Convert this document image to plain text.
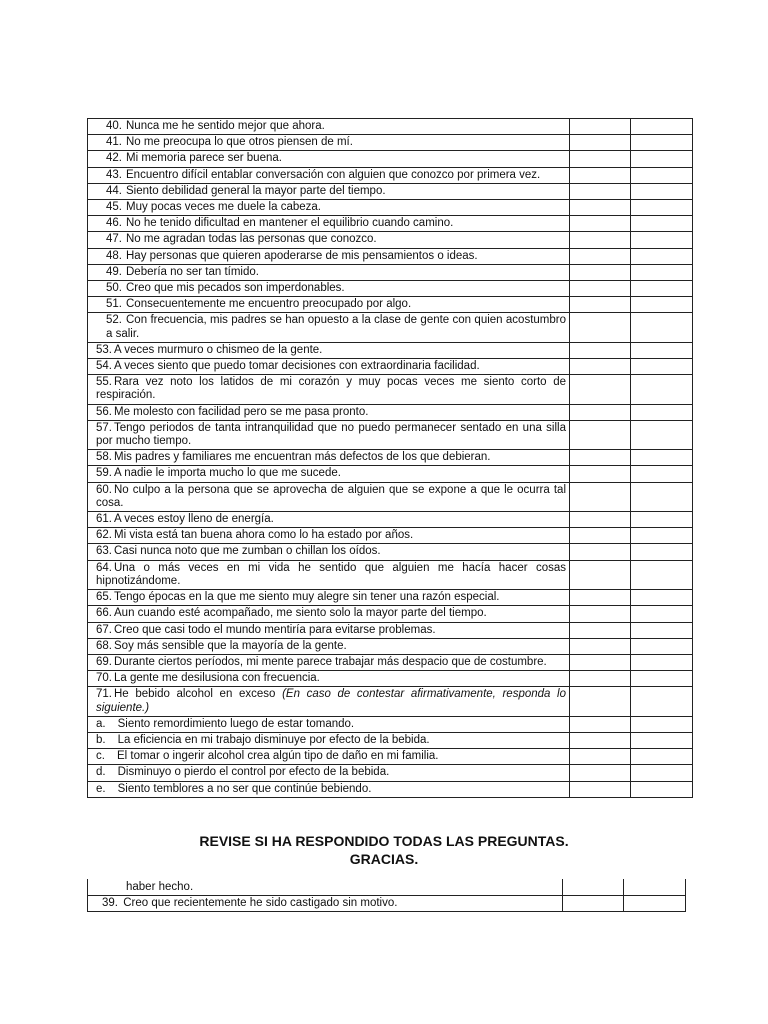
40. Nunca me he sentido mejor que ahora.		
41. No me preocupa lo que otros piensen de mí.		
42. Mi memoria parece ser buena.		
43. Encuentro difícil entablar conversación con alguien que conozco por primera vez.		
44. Siento debilidad general la mayor parte del tiempo.		
45. Muy pocas veces me duele la cabeza.		
46. No he tenido dificultad en mantener el equilibrio cuando camino.		
47. No me agradan todas las personas que conozco.		
48. Hay personas que quieren apoderarse de mis pensamientos o ideas.		
49. Debería no ser tan tímido.		
50. Creo que mis pecados son imperdonables.		
51. Consecuentemente me encuentro preocupado por algo.		
52. Con frecuencia, mis padres se han opuesto a la clase de gente con quien acostumbro a salir.		
53. A veces murmuro o chismeo de la gente.		
54. A veces siento que puedo tomar decisiones con extraordinaria facilidad.		
55. Rara vez noto los latidos de mi corazón y muy pocas veces me siento corto de respiración.		
56. Me molesto con facilidad pero se me pasa pronto.		
57. Tengo periodos de tanta intranquilidad que no puedo permanecer sentado en una silla por mucho tiempo.		
58. Mis padres y familiares me encuentran más defectos de los que debieran.		
59. A nadie le importa mucho lo que me sucede.		
60. No culpo a la persona que se aprovecha de alguien que se expone a que le ocurra tal cosa.		
61. A veces estoy lleno de energía.		
62. Mi vista está tan buena ahora como lo ha estado por años.		
63. Casi nunca noto que me zumban o chillan los oídos.		
64. Una o más veces en mi vida he sentido que alguien me hacía hacer cosas hipnotizándome.		
65. Tengo épocas en la que me siento muy alegre sin tener una razón especial.		
66. Aun cuando esté acompañado, me siento solo la mayor parte del tiempo.		
67. Creo que casi todo el mundo mentiría para evitarse problemas.		
68. Soy más sensible que la mayoría de la gente.		
69. Durante ciertos períodos, mi mente parece trabajar más despacio que de costumbre.		
70. La gente me desilusiona con frecuencia.		
71. He bebido alcohol en exceso (En caso de contestar afirmativamente, responda lo siguiente.)		
a. Siento remordimiento luego de estar tomando.		
b. La eficiencia en mi trabajo disminuye por efecto de la bebida.		
c. El tomar o ingerir alcohol crea algún tipo de daño en mi familia.		
d. Disminuyo o pierdo el control por efecto de la bebida.		
e. Siento temblores a no ser que continúe bebiendo.		
REVISE SI HA RESPONDIDO TODAS LAS PREGUNTAS.
GRACIAS.
haber hecho.		
39. Creo que recientemente he sido castigado sin motivo.		
